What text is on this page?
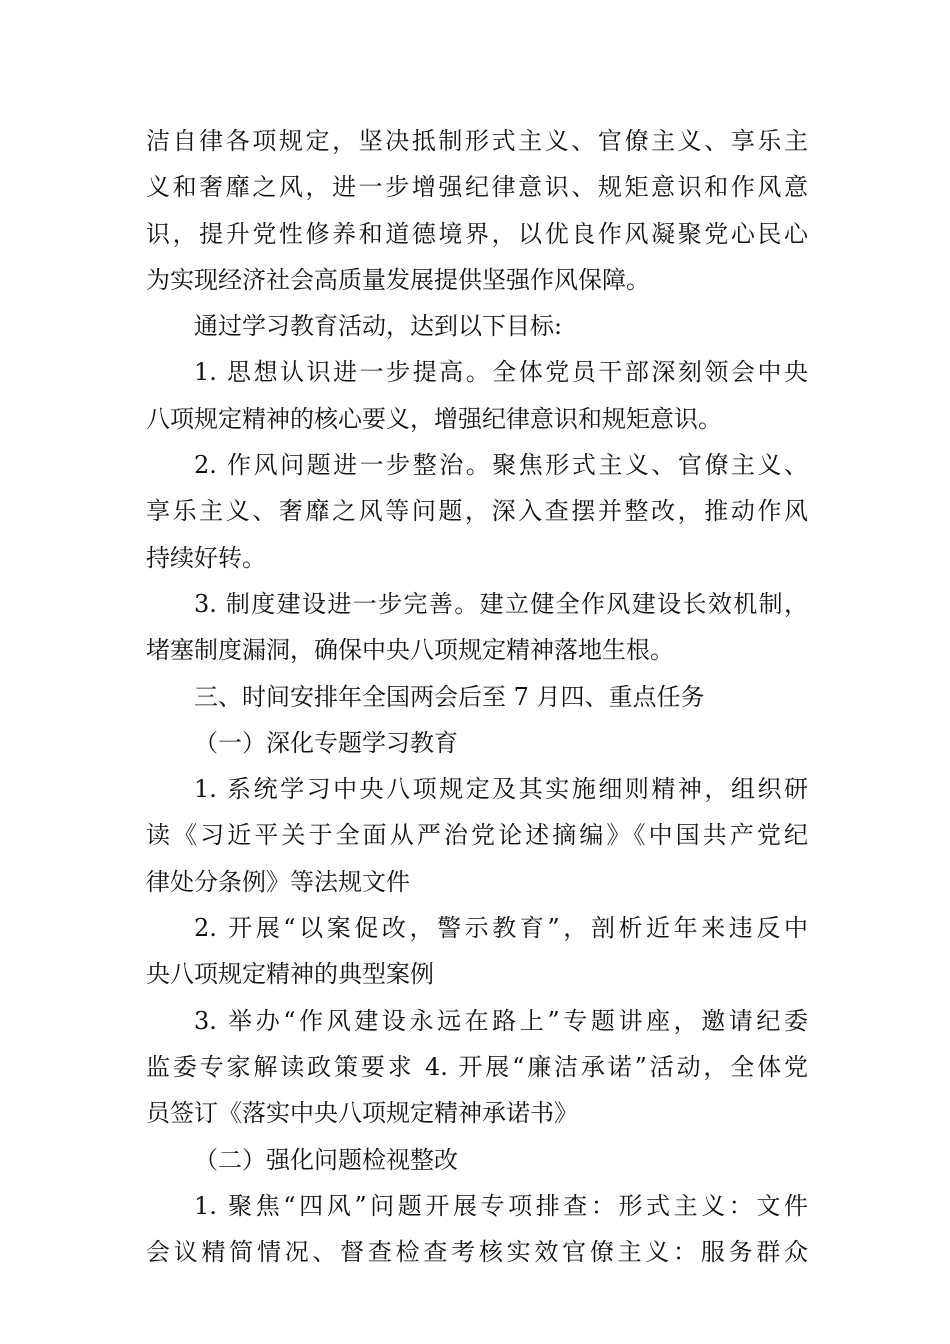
洁自律各项规定，坚决抵制形式主义、官僚主义、享乐主
义和奢靡之风，进一步增强纪律意识、规矩意识和作风意
识，提升党性修养和道德境界，以优良作风凝聚党心民心
为实现经济社会高质量发展提供坚强作风保障。
通过学习教育活动，达到以下目标:
1. 思想认识进一步提高。全体党员干部深刻领会中央
八项规定精神的核心要义，增强纪律意识和规矩意识。
2. 作风问题进一步整治。聚焦形式主义、官僚主义、
享乐主义、奢靡之风等问题，深入查摆并整改，推动作风
持续好转。
3. 制度建设进一步完善。建立健全作风建设长效机制，
堵塞制度漏洞，确保中央八项规定精神落地生根。
三、时间安排年全国两会后至 7 月四、重点任务
（一）深化专题学习教育
1. 系统学习中央八项规定及其实施细则精神，组织研
读《习近平关于全面从严治党论述摘编》《中国共产党纪
律处分条例》等法规文件
2. 开展“以案促改，警示教育”，剖析近年来违反中
央八项规定精神的典型案例
3. 举办“作风建设永远在路上”专题讲座，邀请纪委
监委专家解读政策要求 4. 开展“廉洁承诺”活动，全体党
员签订《落实中央八项规定精神承诺书》
（二）强化问题检视整改
1. 聚焦“四风”问题开展专项排查：形式主义：文件
会议精简情况、督查检查考核实效官僚主义：服务群众
